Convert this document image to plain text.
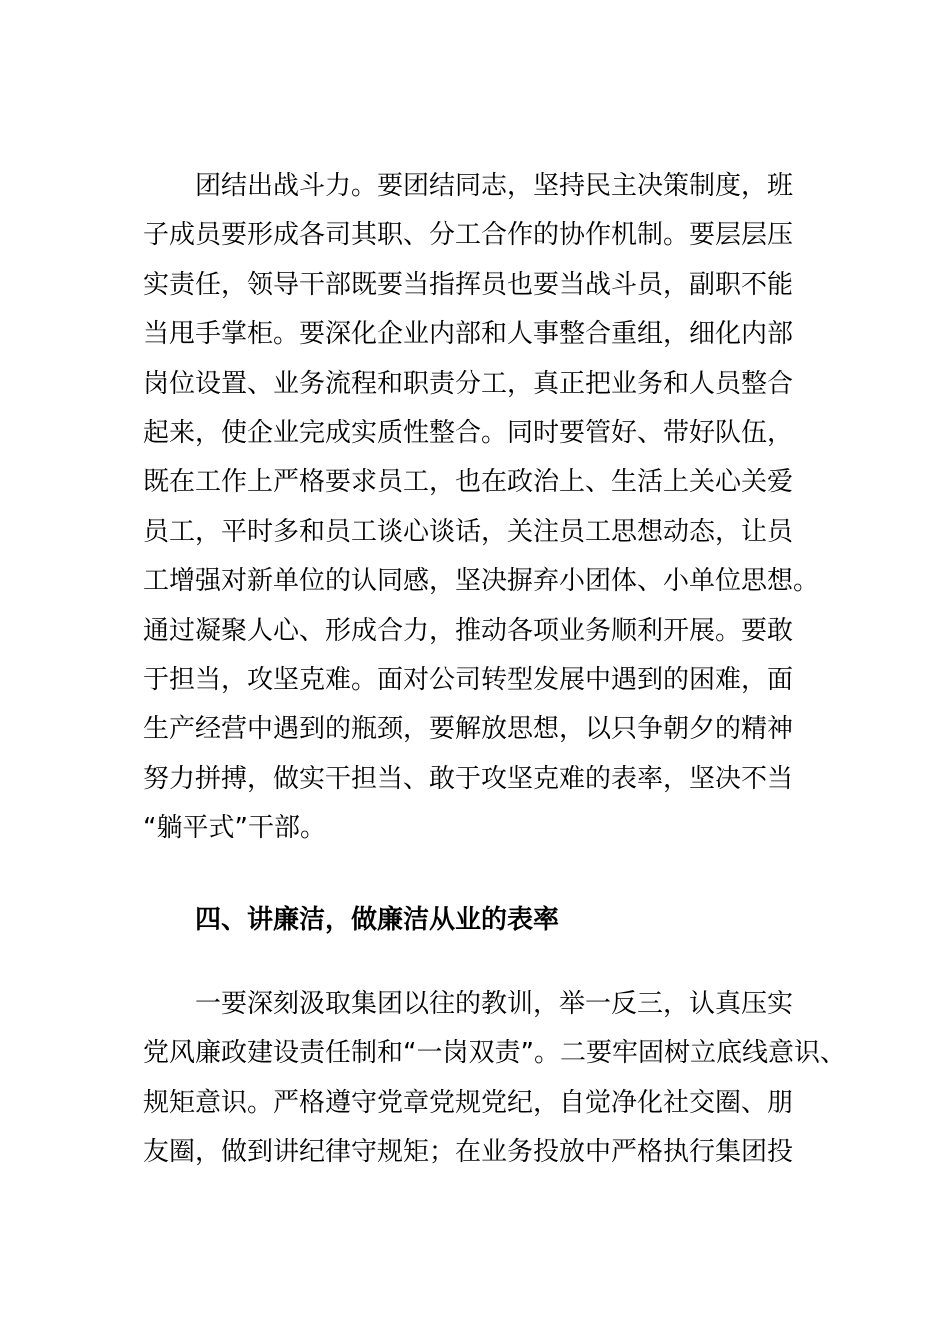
团结出战斗力。要团结同志，坚持民主决策制度，班
子成员要形成各司其职、分工合作的协作机制。要层层压
实责任，领导干部既要当指挥员也要当战斗员，副职不能
当甩手掌柜。要深化企业内部和人事整合重组，细化内部
岗位设置、业务流程和职责分工，真正把业务和人员整合
起来，使企业完成实质性整合。同时要管好、带好队伍，
既在工作上严格要求员工，也在政治上、生活上关心关爱
员工，平时多和员工谈心谈话，关注员工思想动态，让员
工增强对新单位的认同感，坚决摒弃小团体、小单位思想。
通过凝聚人心、形成合力，推动各项业务顺利开展。要敢
于担当，攻坚克难。面对公司转型发展中遇到的困难，面
生产经营中遇到的瓶颈，要解放思想，以只争朝夕的精神
努力拼搏，做实干担当、敢于攻坚克难的表率，坚决不当
“躺平式”干部。
四、讲廉洁，做廉洁从业的表率
一要深刻汲取集团以往的教训，举一反三，认真压实
党风廉政建设责任制和“一岗双责”。二要牢固树立底线意识、
规矩意识。严格遵守党章党规党纪，自觉净化社交圈、朋
友圈，做到讲纪律守规矩；在业务投放中严格执行集团投
